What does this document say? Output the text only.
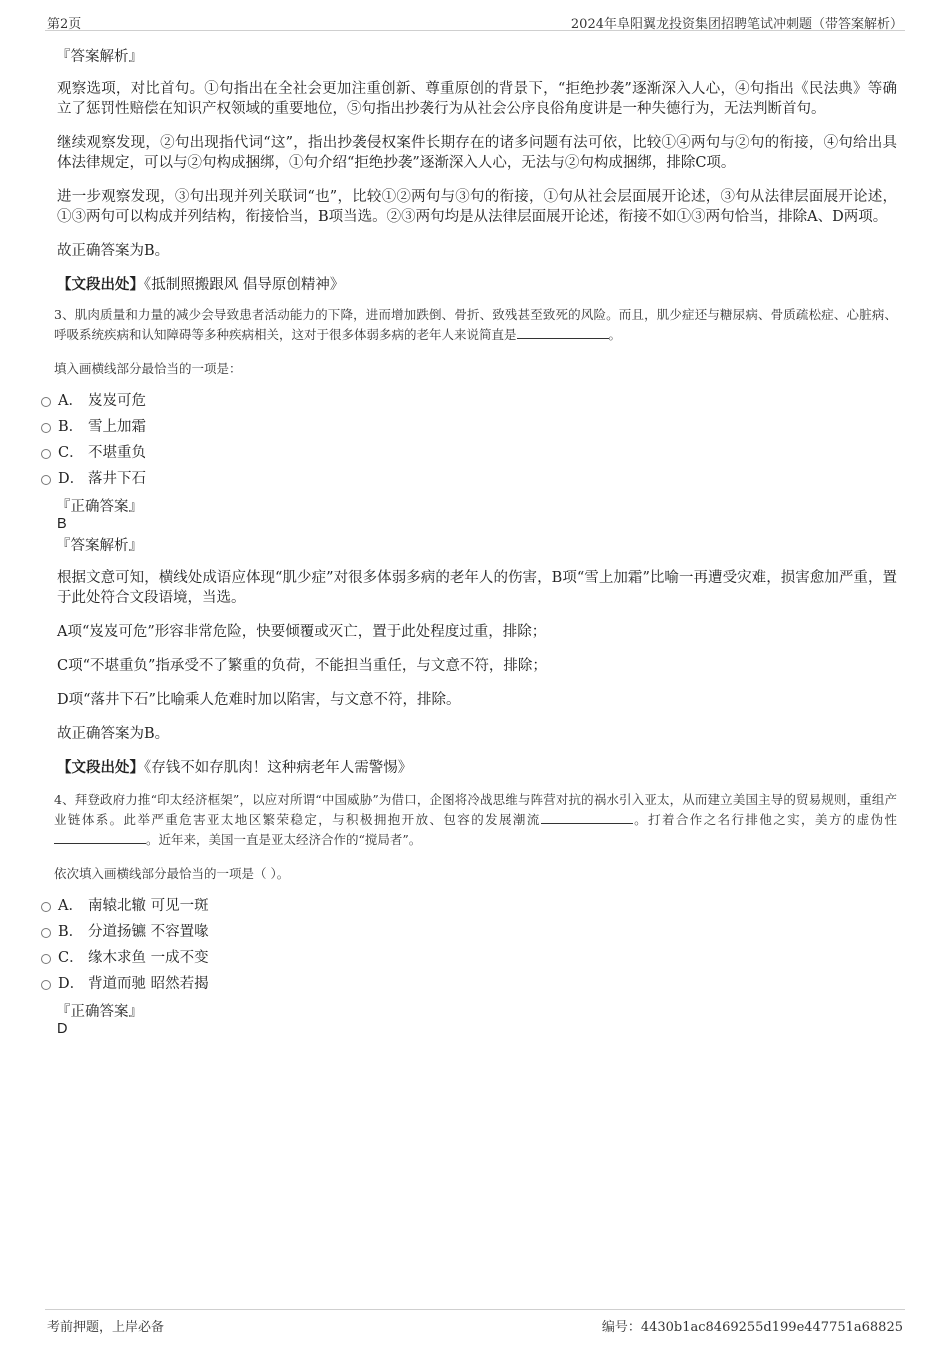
第2页	2024年阜阳翼龙投资集团招聘笔试冲刺题（带答案解析）

『答案解析』

观察选项，对比首句。①句指出在全社会更加注重创新、尊重原创的背景下，“拒绝抄袭”逐渐深入人心，④句指出《民法典》等确立了惩罚性赔偿在知识产权领域的重要地位，⑤句指出抄袭行为从社会公序良俗角度讲是一种失德行为，无法判断首句。

继续观察发现，②句出现指代词“这”，指出抄袭侵权案件长期存在的诸多问题有法可依，比较①④两句与②句的衔接，④句给出具体法律规定，可以与②句构成捆绑，①句介绍“拒绝抄袭”逐渐深入人心，无法与②句构成捆绑，排除C项。

进一步观察发现，③句出现并列关联词“也”，比较①②两句与③句的衔接，①句从社会层面展开论述，③句从法律层面展开论述，①③两句可以构成并列结构，衔接恰当，B项当选。②③两句均是从法律层面展开论述，衔接不如①③两句恰当，排除A、D两项。

故正确答案为B。

【文段出处】《抵制照搬跟风 倡导原创精神》

3、肌肉质量和力量的减少会导致患者活动能力的下降，进而增加跌倒、骨折、致残甚至致死的风险。而且，肌少症还与糖尿病、骨质疏松症、心脏病、呼吸系统疾病和认知障碍等多种疾病相关，这对于很多体弱多病的老年人来说简直是	。

填入画横线部分最恰当的一项是：

A． 岌岌可危
B． 雪上加霜
C． 不堪重负
D． 落井下石

『正确答案』

B

『答案解析』

根据文意可知，横线处成语应体现“肌少症”对很多体弱多病的老年人的伤害，B项“雪上加霜”比喻一再遭受灾难，损害愈加严重，置于此处符合文段语境，当选。

A项“岌岌可危”形容非常危险，快要倾覆或灭亡，置于此处程度过重，排除；

C项“不堪重负”指承受不了繁重的负荷，不能担当重任，与文意不符，排除；

D项“落井下石”比喻乘人危难时加以陷害，与文意不符，排除。

故正确答案为B。

【文段出处】《存钱不如存肌肉！这种病老年人需警惕》

4、拜登政府力推“印太经济框架”，以应对所谓“中国威胁”为借口，企图将冷战思维与阵营对抗的祸水引入亚太，从而建立美国主导的贸易规则，重组产业链体系。此举严重危害亚太地区繁荣稳定，与积极拥抱开放、包容的发展潮流	。打着合作之名行排他之实，美方的虚伪性。近年来，美国一直是亚太经济合作的“搅局者”。

依次填入画横线部分最恰当的一项是（ ）。

A． 南辕北辙 可见一斑
B． 分道扬镳 不容置喙
C． 缘木求鱼 一成不变
D． 背道而驰 昭然若揭

『正确答案』

D

考前押题，上岸必备	编号：4430b1ac8469255d199e447751a68825
